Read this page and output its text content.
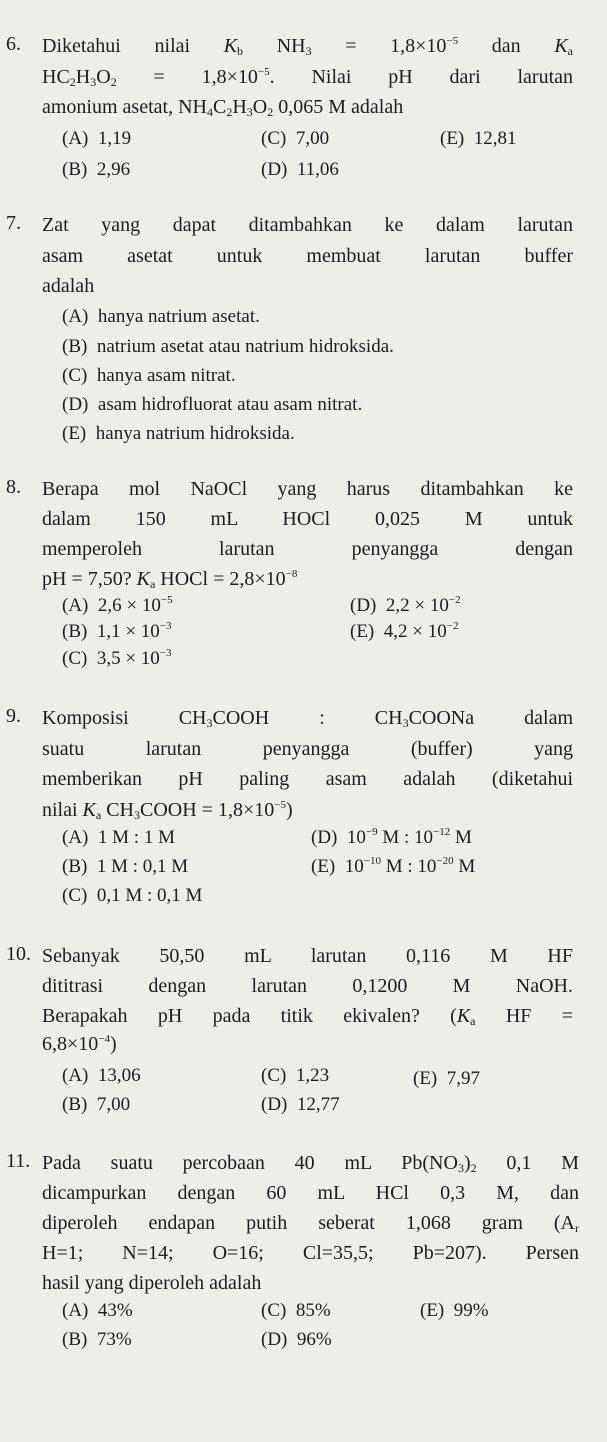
6. Diketahui nilai $K_b$ $NH_3 = 1,8\times 10^{-5}$ dan $K_a$
$HC_2H_3O_2 = 1,8\times 10^{-5}$. Nilai pH dari larutan
amonium asetat, $NH_4C_2H_3O_2$ 0,065 M adalah
(A) 1,19	(C) 7,00	(E) 12,81
(B) 2,96	(D) 11,06
7. Zat yang dapat ditambahkan ke dalam larutan
asam asetat untuk membuat larutan buffer
adalah
(A) hanya natrium asetat.
(B) natrium asetat atau natrium hidroksida.
(C) hanya asam nitrat.
(D) asam hidrofluorat atau asam nitrat.
(E) hanya natrium hidroksida.
8. Berapa mol NaOCl yang harus ditambahkan ke
dalam 150 mL HOCl 0,025 M untuk
memperoleh larutan penyangga dengan
pH = 7,50? $K_a$ HOCl = $2,8\times 10^{-8}$
(A) $2,6 \times 10^{-5}$	(D) $2,2 \times 10^{-2}$
(B) $1,1 \times 10^{-3}$	(E) $4,2 \times 10^{-2}$
(C) $3,5 \times 10^{-3}$
9. Komposisi $CH_3COOH$ : $CH_3COONa$ dalam
suatu larutan penyangga (buffer) yang
memberikan pH paling asam adalah (diketahui
nilai $K_a$ $CH_3COOH = 1,8\times 10^{-5}$)
(A) 1 M : 1 M	(D) $10^{-9}$ M : $10^{-12}$ M
(B) 1 M : 0,1 M	(E) $10^{-10}$ M : $10^{-20}$ M
(C) 0,1 M : 0,1 M
10. Sebanyak 50,50 mL larutan 0,116 M HF
dititrasi dengan larutan 0,1200 M NaOH.
Berapakah pH pada titik ekivalen? ($K_a$ HF =
$6,8\times 10^{-4}$)
(A) 13,06	(C) 1,23	(E) 7,97
(B) 7,00	(D) 12,77
11. Pada suatu percobaan 40 mL $Pb(NO_3)_2$ 0,1 M
dicampurkan dengan 60 mL HCl 0,3 M, dan
diperoleh endapan putih seberat 1,068 gram ($A_r$
H=1; N=14; O=16; Cl=35,5; Pb=207). Persen
hasil yang diperoleh adalah
(A) 43%	(C) 85%	(E) 99%
(B) 73%	(D) 96%
